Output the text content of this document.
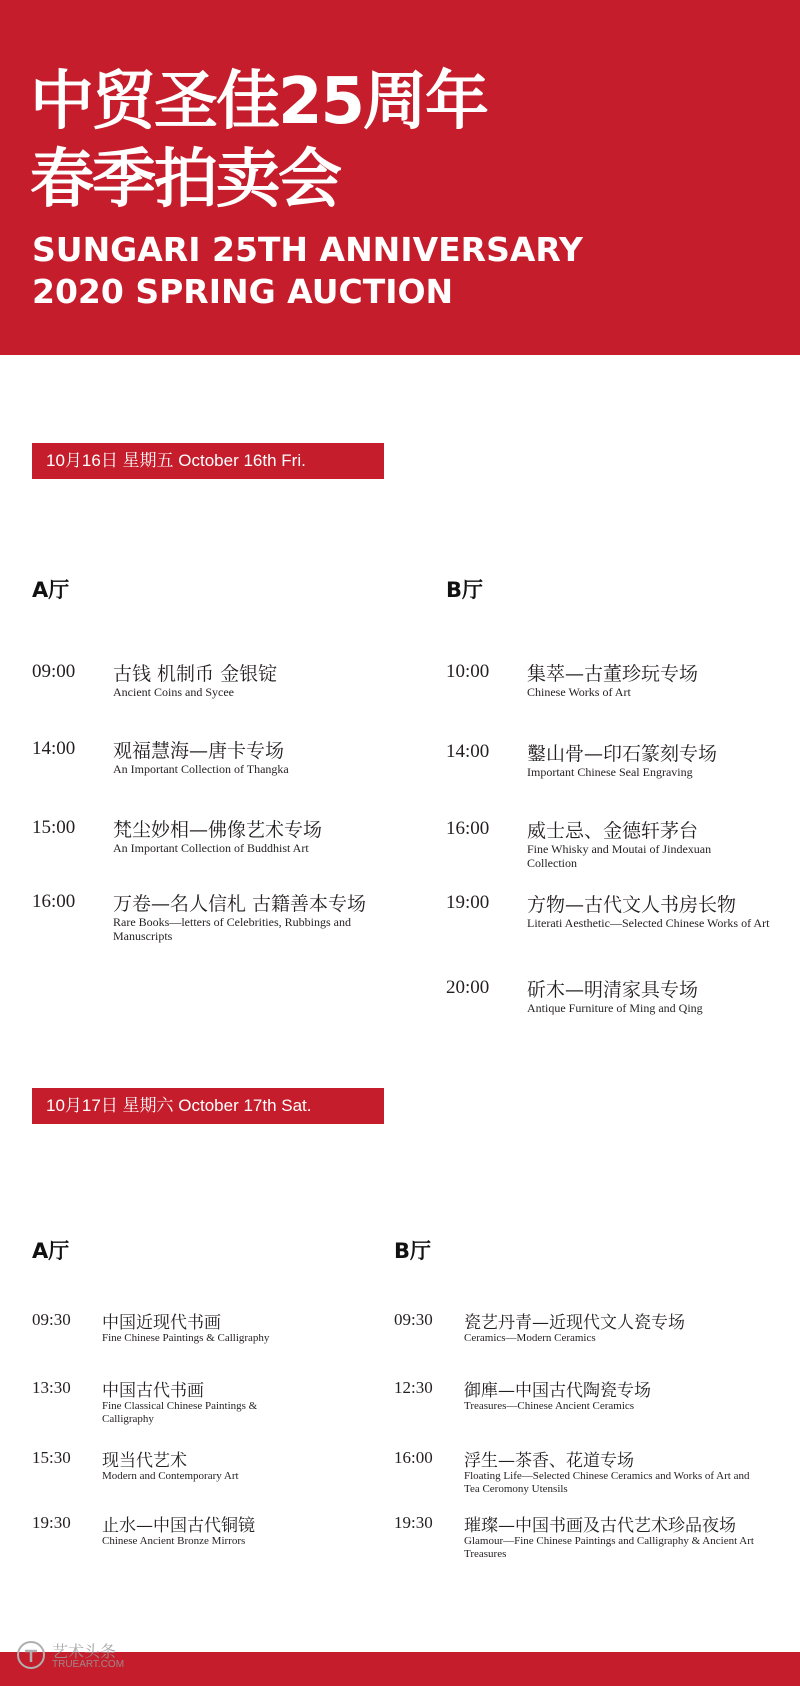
中贸圣佳25周年
春季拍卖会
SUNGARI 25TH ANNIVERSARY
2020 SPRING AUCTION
10月16日 星期五 October 16th Fri.
A厅	B厅
09:00 古钱 机制币 金银锭
Ancient Coins and Sycee
14:00 观福慧海—唐卡专场
An Important Collection of Thangka
15:00 梵尘妙相—佛像艺术专场
An Important Collection of Buddhist Art
16:00 万卷—名人信札 古籍善本专场
Rare Books—letters of Celebrities, Rubbings and Manuscripts
10:00 集萃—古董珍玩专场
Chinese Works of Art
14:00 鑿山骨—印石篆刻专场
Important Chinese Seal Engraving
16:00 威士忌、金德轩茅台
Fine Whisky and Moutai of Jindexuan Collection
19:00 方物—古代文人书房长物
Literati Aesthetic—Selected Chinese Works of Art
20:00 斫木—明清家具专场
Antique Furniture of Ming and Qing
10月17日 星期六 October 17th Sat.
A厅	B厅
09:30 中国近现代书画
Fine Chinese Paintings & Calligraphy
13:30 中国古代书画
Fine Classical Chinese Paintings & Calligraphy
15:30 现当代艺术
Modern and Contemporary Art
19:30 止水—中国古代铜镜
Chinese Ancient Bronze Mirrors
09:30 瓷艺丹青—近现代文人瓷专场
Ceramics—Modern Ceramics
12:30 御㢑—中国古代陶瓷专场
Treasures—Chinese Ancient Ceramics
16:00 浮生—茶香、花道专场
Floating Life—Selected Chinese Ceramics and Works of Art and Tea Ceromony Utensils
19:30 璀璨—中国书画及古代艺术珍品夜场
Glamour—Fine Chinese Paintings and Calligraphy & Ancient Art Treasures
艺术头条
TRUEART.COM
